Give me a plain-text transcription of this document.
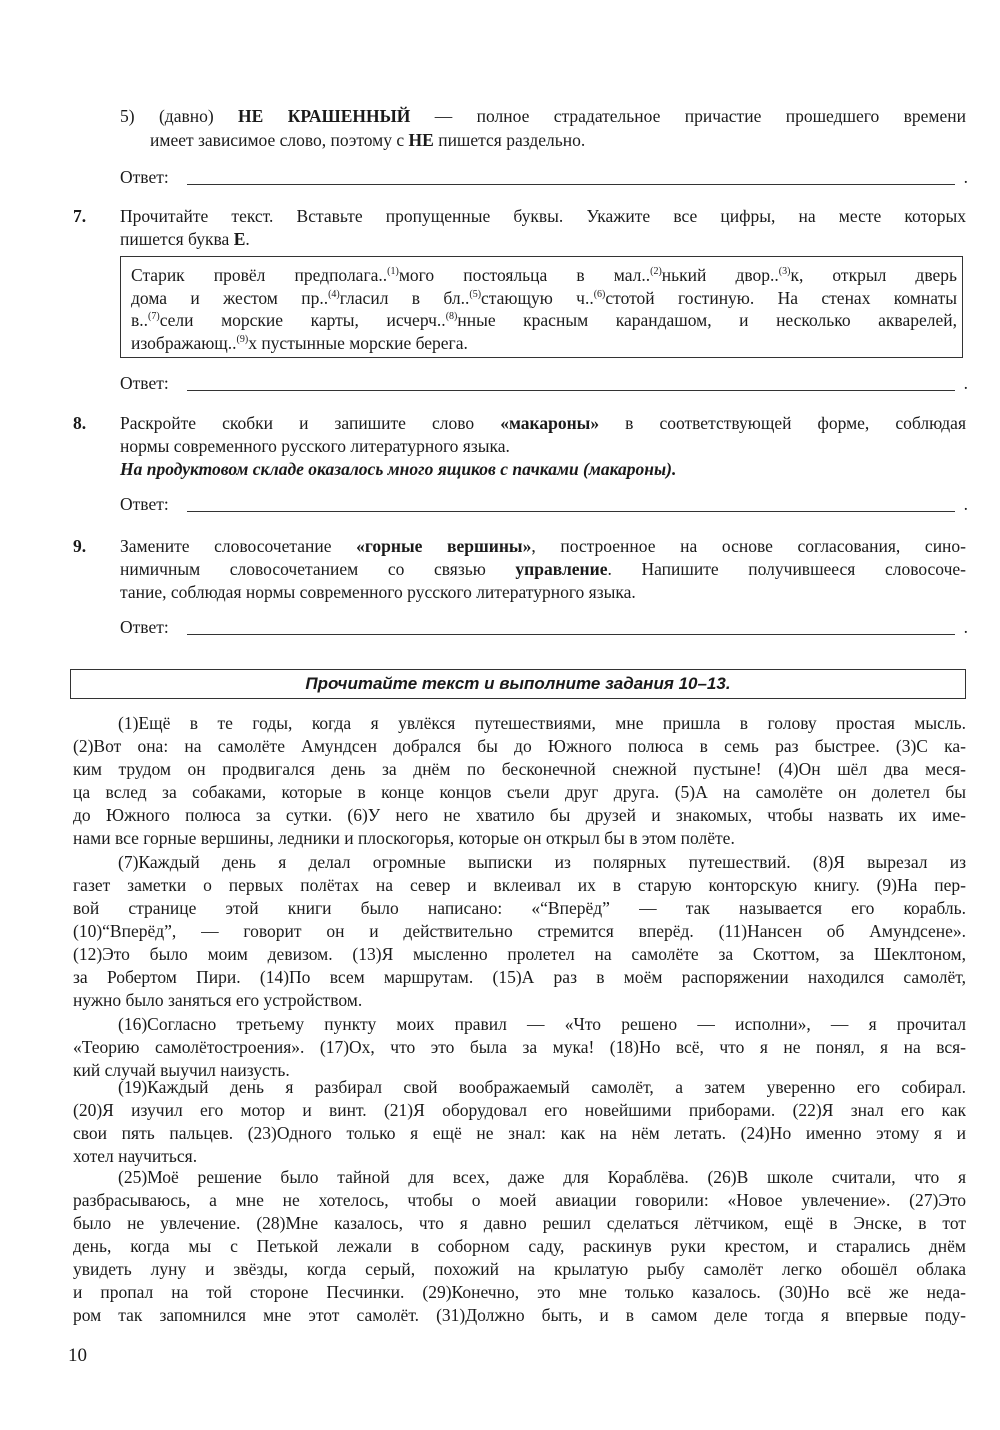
5) (давно) НЕ КРАШЕННЫЙ — полное страдательное причастие прошедшего времени
имеет зависимое слово, поэтому с НЕ пишется раздельно.
Ответ:	.
7. Прочитайте текст. Вставьте пропущенные буквы. Укажите все цифры, на месте которых
пишется буква Е.
Старик провёл предполага..$^{(1)}$мого постояльца в мал..$^{(2)}$нький двор..$^{(3)}$к, открыл дверь
дома и жестом пр..$^{(4)}$гласил в бл..$^{(5)}$стающую ч..$^{(6)}$стотой гостиную. На стенах комнаты
в..$^{(7)}$сели морские карты, исчерч..$^{(8)}$нные красным карандашом, и несколько акварелей,
изображающ..$^{(9)}$х пустынные морские берега.
Ответ:	.
8. Раскройте скобки и запишите слово «макароны» в соответствующей форме, соблюдая
нормы современного русского литературного языка.
На продуктовом складе оказалось много ящиков с пачками (макароны).
Ответ:	.
9. Замените словосочетание «горные вершины», построенное на основе согласования, сино-
нимичным словосочетанием со связью управление. Напишите получившееся словосоче-
тание, соблюдая нормы современного русского литературного языка.
Ответ:	.
Прочитайте текст и выполните задания 10–13.
(1)Ещё в те годы, когда я увлёкся путешествиями, мне пришла в голову простая мысль.
(2)Вот она: на самолёте Амундсен добрался бы до Южного полюса в семь раз быстрее. (3)С ка-
ким трудом он продвигался день за днём по бесконечной снежной пустыне! (4)Он шёл два меся-
ца вслед за собаками, которые в конце концов съели друг друга. (5)А на самолёте он долетел бы
до Южного полюса за сутки. (6)У него не хватило бы друзей и знакомых, чтобы назвать их име-
нами все горные вершины, ледники и плоскогорья, которые он открыл бы в этом полёте.
(7)Каждый день я делал огромные выписки из полярных путешествий. (8)Я вырезал из
газет заметки о первых полётах на север и вклеивал их в старую конторскую книгу. (9)На пер-
вой странице этой книги было написано: «“Вперёд” — так называется его корабль.
(10)“Вперёд”, — говорит он и действительно стремится вперёд. (11)Нансен об Амундсене».
(12)Это было моим девизом. (13)Я мысленно пролетел на самолёте за Скоттом, за Шеклтоном,
за Робертом Пири. (14)По всем маршрутам. (15)А раз в моём распоряжении находился самолёт,
нужно было заняться его устройством.
(16)Согласно третьему пункту моих правил — «Что решено — исполни», — я прочитал
«Теорию самолётостроения». (17)Ох, что это была за мука! (18)Но всё, что я не понял, я на вся-
кий случай выучил наизусть.
(19)Каждый день я разбирал свой воображаемый самолёт, а затем уверенно его собирал.
(20)Я изучил его мотор и винт. (21)Я оборудовал его новейшими приборами. (22)Я знал его как
свои пять пальцев. (23)Одного только я ещё не знал: как на нём летать. (24)Но именно этому я и
хотел научиться.
(25)Моё решение было тайной для всех, даже для Кораблёва. (26)В школе считали, что я
разбрасываюсь, а мне не хотелось, чтобы о моей авиации говорили: «Новое увлечение». (27)Это
было не увлечение. (28)Мне казалось, что я давно решил сделаться лётчиком, ещё в Энске, в тот
день, когда мы с Петькой лежали в соборном саду, раскинув руки крестом, и старались днём
увидеть луну и звёзды, когда серый, похожий на крылатую рыбу самолёт легко обошёл облака
и пропал на той стороне Песчинки. (29)Конечно, это мне только казалось. (30)Но всё же неда-
ром так запомнился мне этот самолёт. (31)Должно быть, и в самом деле тогда я впервые поду-
10
